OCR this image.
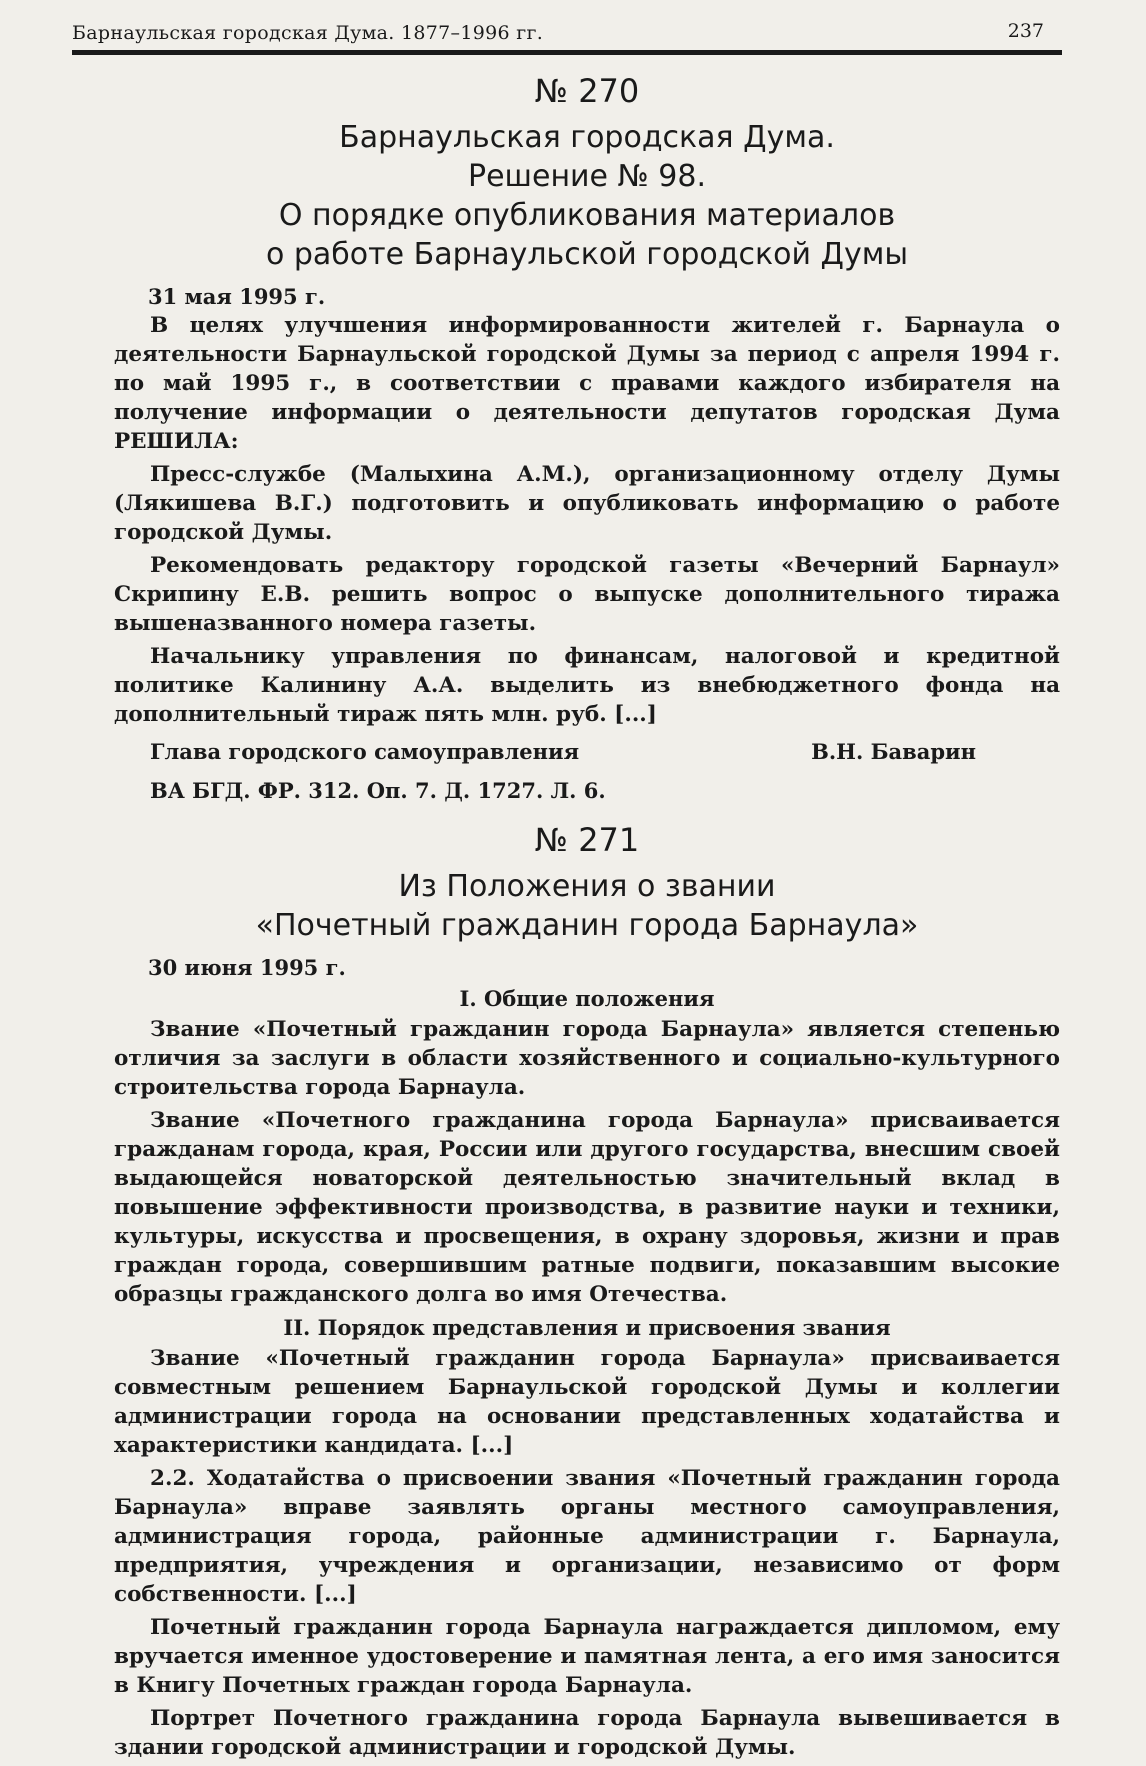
Барнаульская городская Дума. 1877–1996 гг.	237
№ 270
Барнаульская городская Дума.
Решение № 98.
О порядке опубликования материалов
о работе Барнаульской городской Думы
31 мая 1995 г.

В целях улучшения информированности жителей г. Барнаула о деятельности Барнаульской городской Думы за период с апреля 1994 г. по май 1995 г., в соответствии с правами каждого избирателя на получение информации о деятельности депутатов городская Дума РЕШИЛА:

Пресс-службе (Малыхина А.М.), организационному отделу Думы (Лякишева В.Г.) подготовить и опубликовать информацию о работе городской Думы.

Рекомендовать редактору городской газеты «Вечерний Барнаул» Скрипину Е.В. решить вопрос о выпуске дополнительного тиража вышеназванного номера газеты.

Начальнику управления по финансам, налоговой и кредитной политике Калинину А.А. выделить из внебюджетного фонда на дополнительный тираж пять млн. руб. [...]

Глава городского самоуправления	В.Н. Баварин
ВА БГД. ФР. 312. Оп. 7. Д. 1727. Л. 6.
№ 271
Из Положения о звании
«Почетный гражданин города Барнаула»
30 июня 1995 г.
I. Общие положения

Звание «Почетный гражданин города Барнаула» является степенью отличия за заслуги в области хозяйственного и социально-культурного строительства города Барнаула.

Звание «Почетного гражданина города Барнаула» присваивается гражданам города, края, России или другого государства, внесшим своей выдающейся новаторской деятельностью значительный вклад в повышение эффективности производства, в развитие науки и техники, культуры, искусства и просвещения, в охрану здоровья, жизни и прав граждан города, совершившим ратные подвиги, показавшим высокие образцы гражданского долга во имя Отечества.

II. Порядок представления и присвоения звания

Звание «Почетный гражданин города Барнаула» присваивается совместным решением Барнаульской городской Думы и коллегии администрации города на основании представленных ходатайства и характеристики кандидата. [...]

2.2. Ходатайства о присвоении звания «Почетный гражданин города Барнаула» вправе заявлять органы местного самоуправления, администрация города, районные администрации г. Барнаула, предприятия, учреждения и организации, независимо от форм собственности. [...]

Почетный гражданин города Барнаула награждается дипломом, ему вручается именное удостоверение и памятная лента, а его имя заносится в Книгу Почетных граждан города Барнаула.

Портрет Почетного гражданина города Барнаула вывешивается в здании городской администрации и городской Думы.
